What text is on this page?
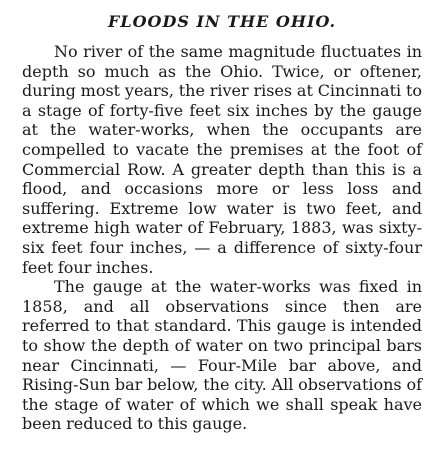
FLOODS IN THE OHIO.

No river of the same magnitude fluctuates in depth so much as the Ohio. Twice, or oftener, during most years, the river rises at Cincinnati to a stage of forty-five feet six inches by the gauge at the water-works, when the occupants are compelled to vacate the premises at the foot of Commercial Row. A greater depth than this is a flood, and occasions more or less loss and suffering. Extreme low water is two feet, and extreme high water of February, 1883, was sixty-six feet four inches, — a difference of sixty-four feet four inches.

The gauge at the water-works was fixed in 1858, and all observations since then are referred to that standard. This gauge is intended to show the depth of water on two principal bars near Cincinnati, — Four-Mile bar above, and Rising-Sun bar below, the city. All observations of the stage of water of which we shall speak have been reduced to this gauge.
